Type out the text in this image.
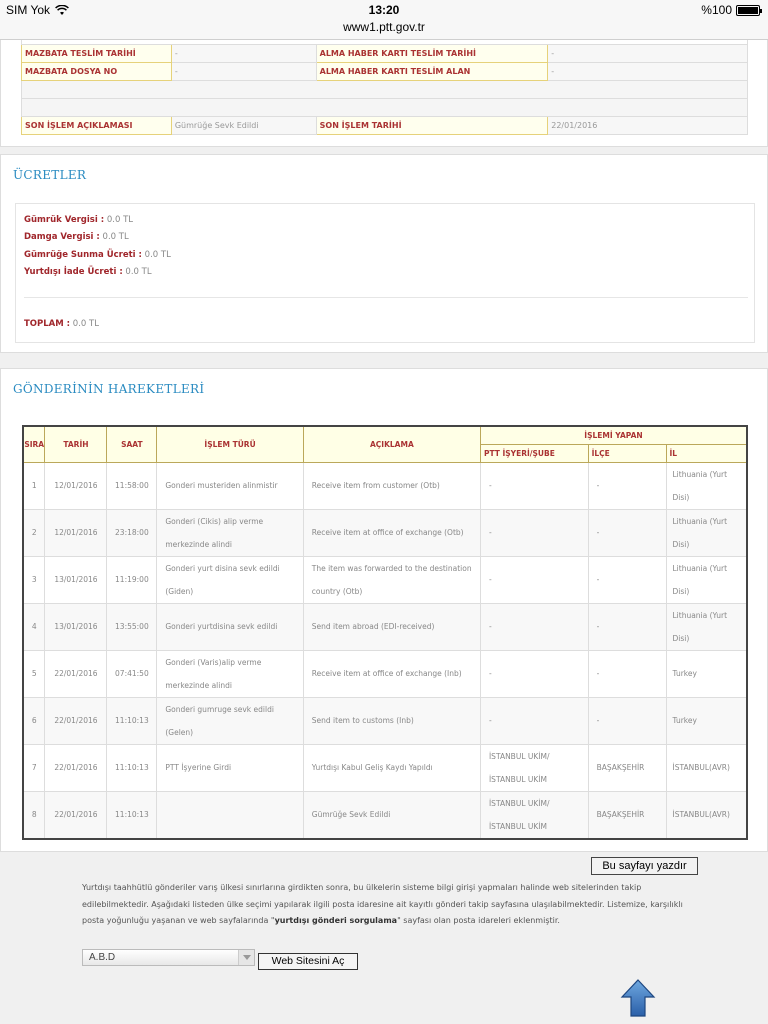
SIM Yok	13:20
www1.ptt.gov.tr
%100

MAZBATA TESLİM TARİHİ	-	ALMA HABER KARTI TESLİM TARİHİ	-
MAZBATA DOSYA NO	-	ALMA HABER KARTI TESLİM ALAN	-

SON İŞLEM AÇIKLAMASI	Gümrüğe Sevk Edildi	SON İŞLEM TARİHİ	22/01/2016
ÜCRETLER
Gümrük Vergisi : 0.0 TL
Damga Vergisi : 0.0 TL
Gümrüğe Sunma Ücreti : 0.0 TL
Yurtdışı İade Ücreti : 0.0 TL
TOPLAM : 0.0 TL
GÖNDERİNİN HAREKETLERİ
SIRA	TARİH	SAAT	İŞLEM TÜRÜ	AÇIKLAMA	İŞLEMİ YAPAN		
					PTT İŞYERİ/ŞUBE	İLÇE	İL
1	12/01/2016	11:58:00	Gonderi musteriden alinmistir	Receive item from customer (Otb)	-	-	Lithuania (Yurt Disi)
2	12/01/2016	23:18:00	Gonderi (Cikis) alip verme merkezinde alindi	Receive item at office of exchange (Otb)	-	-	Lithuania (Yurt Disi)
3	13/01/2016	11:19:00	Gonderi yurt disina sevk edildi (Giden)	The item was forwarded to the destination country (Otb)	-	-	Lithuania (Yurt Disi)
4	13/01/2016	13:55:00	Gonderi yurtdisina sevk edildi	Send item abroad (EDI-received)	-	-	Lithuania (Yurt Disi)
5	22/01/2016	07:41:50	Gonderi (Varis)alip verme merkezinde alindi	Receive item at office of exchange (Inb)	-	-	Turkey
6	22/01/2016	11:10:13	Gonderi gumruge sevk edildi (Gelen)	Send item to customs (Inb)	-	-	Turkey
7	22/01/2016	11:10:13	PTT İşyerine Girdi	Yurtdışı Kabul Geliş Kaydı Yapıldı	İSTANBUL UKİM/ İSTANBUL UKİM	BAŞAKŞEHİR	İSTANBUL(AVR)
8	22/01/2016	11:10:13		Gümrüğe Sevk Edildi	İSTANBUL UKİM/ İSTANBUL UKİM	BAŞAKŞEHİR	İSTANBUL(AVR)
Bu sayfayı yazdır
Yurtdışı taahhütlü gönderiler varış ülkesi sınırlarına girdikten sonra, bu ülkelerin sisteme bilgi girişi yapmaları halinde web sitelerinden takip edilebilmektedir. Aşağıdaki listeden ülke seçimi yapılarak ilgili posta idaresine ait kayıtlı gönderi takip sayfasına ulaşılabilmektedir. Listemize, karşılıklı posta yoğunluğu yaşanan ve web sayfalarında "yurtdışı gönderi sorgulama" sayfası olan posta idareleri eklenmiştir.
A.B.D	Web Sitesini Aç
